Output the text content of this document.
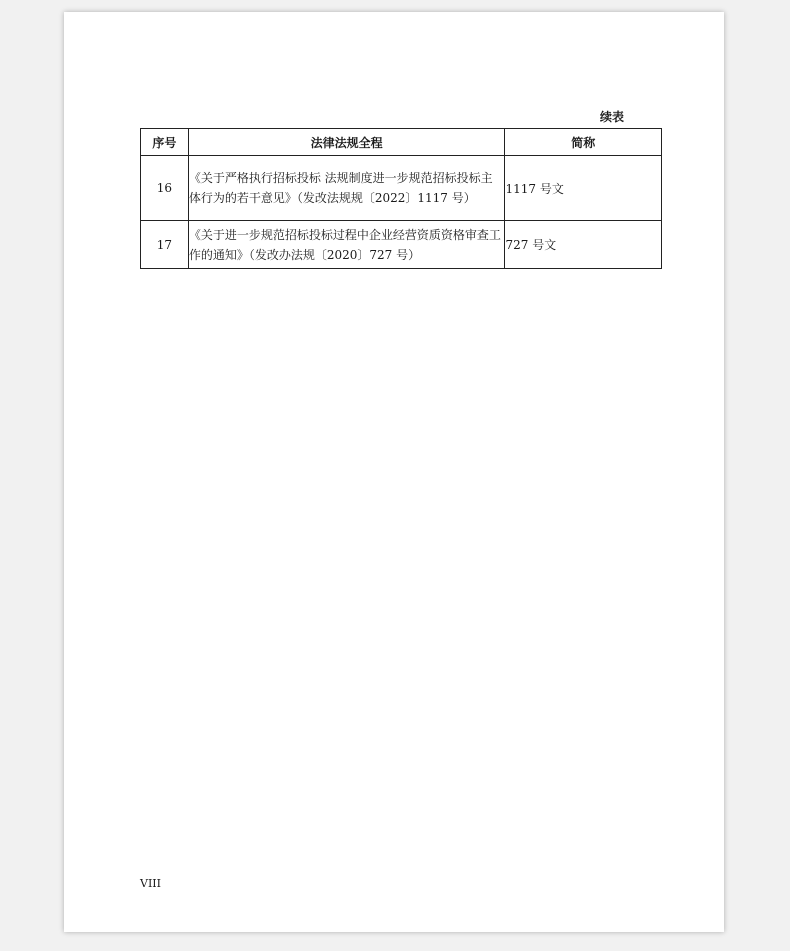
续表
序号	法律法规全程	简称
16	《关于严格执行招标投标 法规制度进一步规范招标投标主体行为的若干意见》（发改法规规〔2022〕1117 号）	1117 号文
17	《关于进一步规范招标投标过程中企业经营资质资格审查工作的通知》（发改办法规〔2020〕727 号）	727 号文
VIII
